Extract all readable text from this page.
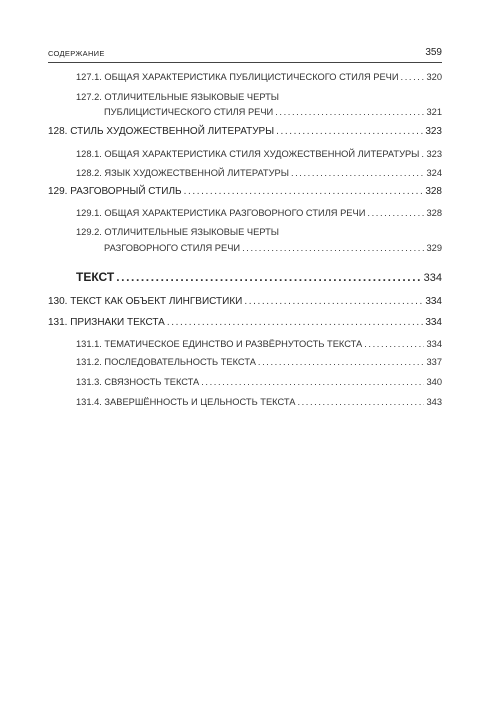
СОДЕРЖАНИЕ	359
127.1. ОБЩАЯ ХАРАКТЕРИСТИКА ПУБЛИЦИСТИЧЕСКОГО СТИЛЯ РЕЧИ .....	320
127.2. ОТЛИЧИТЕЛЬНЫЕ ЯЗЫКОВЫЕ ЧЕРТЫ
ПУБЛИЦИСТИЧЕСКОГО СТИЛЯ РЕЧИ .....	321
128. СТИЛЬ ХУДОЖЕСТВЕННОЙ ЛИТЕРАТУРЫ .....	323
128.1. ОБЩАЯ ХАРАКТЕРИСТИКА СТИЛЯ ХУДОЖЕСТВЕННОЙ ЛИТЕРАТУРЫ ..... 323
128.2. ЯЗЫК ХУДОЖЕСТВЕННОЙ ЛИТЕРАТУРЫ .....	324
129. РАЗГОВОРНЫЙ СТИЛЬ .....	328
129.1. ОБЩАЯ ХАРАКТЕРИСТИКА РАЗГОВОРНОГО СТИЛЯ РЕЧИ .....	328
129.2. ОТЛИЧИТЕЛЬНЫЕ ЯЗЫКОВЫЕ ЧЕРТЫ
РАЗГОВОРНОГО СТИЛЯ РЕЧИ .....	329
ТЕКСТ .....	334
130. ТЕКСТ КАК ОБЪЕКТ ЛИНГВИСТИКИ .....	334
131. ПРИЗНАКИ ТЕКСТА .....	334
131.1. ТЕМАТИЧЕСКОЕ ЕДИНСТВО И РАЗВЁРНУТОСТЬ ТЕКСТА .....	334
131.2. ПОСЛЕДОВАТЕЛЬНОСТЬ ТЕКСТА .....	337
131.3. СВЯЗНОСТЬ ТЕКСТА .....	340
131.4. ЗАВЕРШЁННОСТЬ И ЦЕЛЬНОСТЬ ТЕКСТА .....	343
